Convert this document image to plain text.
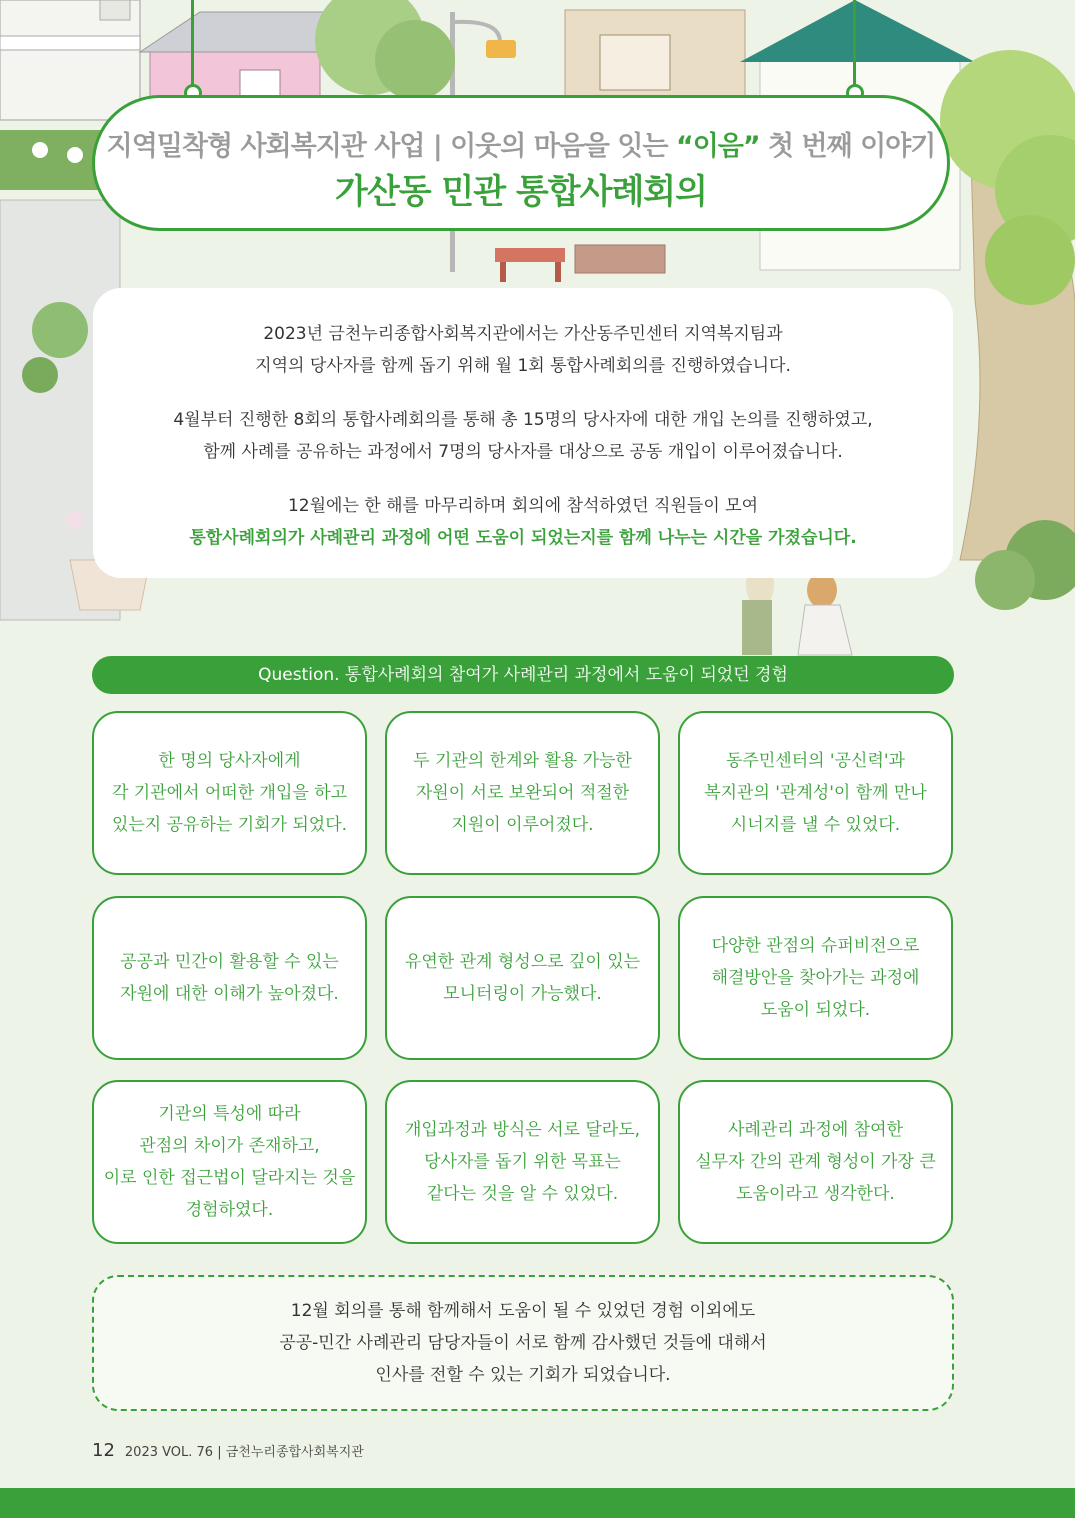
지역밀착형 사회복지관 사업 | 이웃의 마음을 잇는 “이음” 첫 번째 이야기
가산동 민관 통합사례회의

2023년 금천누리종합사회복지관에서는 가산동주민센터 지역복지팀과

지역의 당사자를 함께 돕기 위해 월 1회 통합사례회의를 진행하였습니다.

4월부터 진행한 8회의 통합사례회의를 통해 총 15명의 당사자에 대한 개입 논의를 진행하였고,

함께 사례를 공유하는 과정에서 7명의 당사자를 대상으로 공동 개입이 이루어졌습니다.

12월에는 한 해를 마무리하며 회의에 참석하였던 직원들이 모여

통합사례회의가 사례관리 과정에 어떤 도움이 되었는지를 함께 나누는 시간을 가졌습니다.

Question. 통합사례회의 참여가 사례관리 과정에서 도움이 되었던 경험
한 명의 당사자에게
각 기관에서 어떠한 개입을 하고
있는지 공유하는 기회가 되었다.
두 기관의 한계와 활용 가능한
자원이 서로 보완되어 적절한
지원이 이루어졌다.
동주민센터의 '공신력'과
복지관의 '관계성'이 함께 만나
시너지를 낼 수 있었다.
공공과 민간이 활용할 수 있는
자원에 대한 이해가 높아졌다.
유연한 관계 형성으로 깊이 있는
모니터링이 가능했다.
다양한 관점의 슈퍼비전으로
해결방안을 찾아가는 과정에
도움이 되었다.
기관의 특성에 따라
관점의 차이가 존재하고,
이로 인한 접근법이 달라지는 것을
경험하였다.
개입과정과 방식은 서로 달라도,
당사자를 돕기 위한 목표는
같다는 것을 알 수 있었다.
사례관리 과정에 참여한
실무자 간의 관계 형성이 가장 큰
도움이라고 생각한다.
12월 회의를 통해 함께해서 도움이 될 수 있었던 경험 이외에도
공공-민간 사례관리 담당자들이 서로 함께 감사했던 것들에 대해서
인사를 전할 수 있는 기회가 되었습니다.
12 2023 VOL. 76 | 금천누리종합사회복지관
